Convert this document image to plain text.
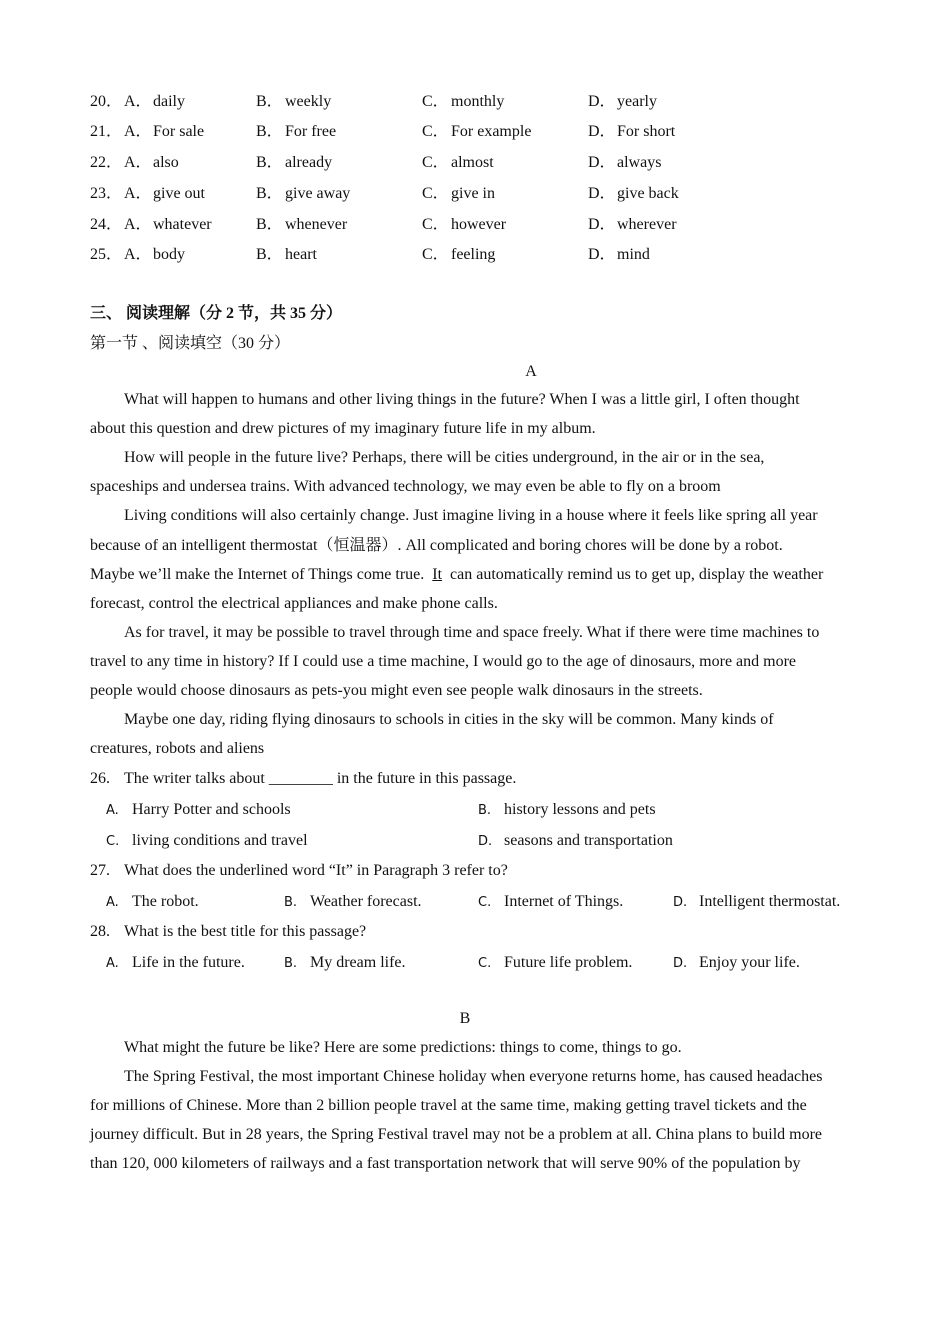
20． A．daily	B． weekly	C． monthly	D．yearly
21． A．For sale	B． For free	C． For example	D．For short
22． A．also	B． already	C． almost	D．always
23． A．give out	B． give away	C． give in	D．give back
24． A．whatever	B． whenever	C． however	D．wherever
25． A．body	B． heart	C． feeling	D．mind
三、 阅读理解（分 2 节，共 35 分）
第一节 、阅读填空（30 分）
A
What will happen to humans and other living things in the future? When I was a little girl, I often thought
about this question and drew pictures of my imaginary future life in my album.
How will people in the future live? Perhaps, there will be cities underground, in the air or in the sea,
spaceships and undersea trains. With advanced technology, we may even be able to fly on a broom
Living conditions will also certainly change. Just imagine living in a house where it feels like spring all year
because of an intelligent thermostat（恒温器）. All complicated and boring chores will be done by a robot.
Maybe we’ll make the Internet of Things come true. It can automatically remind us to get up, display the weather
forecast, control the electrical appliances and make phone calls.
As for travel, it may be possible to travel through time and space freely. What if there were time machines to
travel to any time in history? If I could use a time machine, I would go to the age of dinosaurs, more and more
people would choose dinosaurs as pets-you might even see people walk dinosaurs in the streets.
Maybe one day, riding flying dinosaurs to schools in cities in the sky will be common. Many kinds of
creatures, robots and aliens
26. The writer talks about ________ in the future in this passage.
A. Harry Potter and schools	B. history lessons and pets
C. living conditions and travel	D. seasons and transportation
27. What does the underlined word “It” in Paragraph 3 refer to?
A. The robot.	B. Weather forecast.	C. Internet of Things.	D. Intelligent thermostat.
28. What is the best title for this passage?
A. Life in the future.	B. My dream life.	C. Future life problem.	D. Enjoy your life.
B
What might the future be like? Here are some predictions: things to come, things to go.
The Spring Festival, the most important Chinese holiday when everyone returns home, has caused headaches
for millions of Chinese. More than 2 billion people travel at the same time, making getting travel tickets and the
journey difficult. But in 28 years, the Spring Festival travel may not be a problem at all. China plans to build more
than 120, 000 kilometers of railways and a fast transportation network that will serve 90% of the population by
